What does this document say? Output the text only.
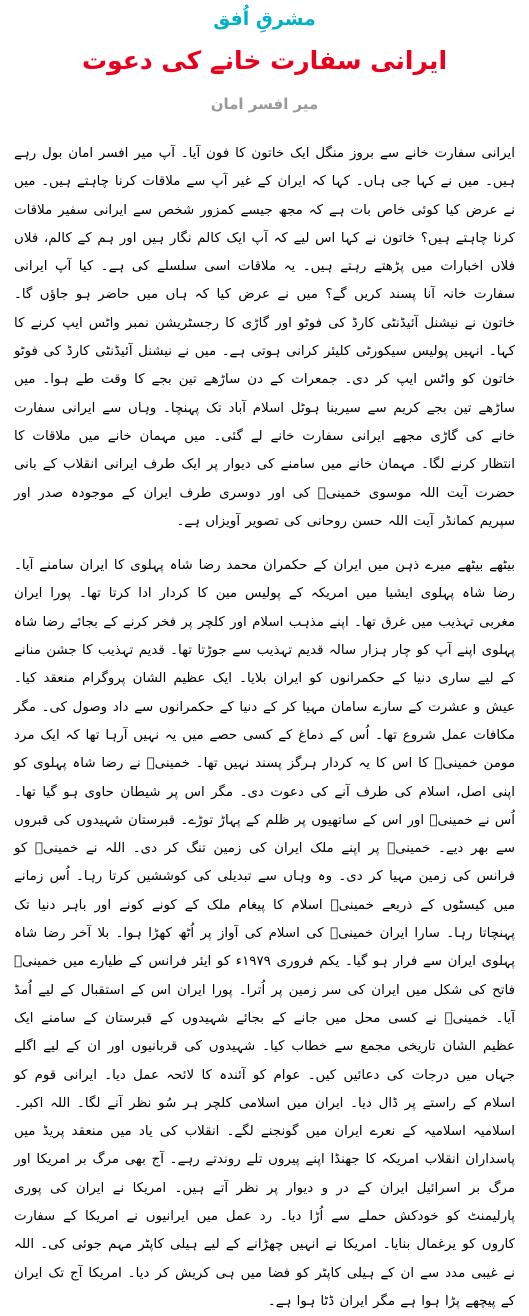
مشرقِ اُفق
ایرانی سفارت خانے کی دعوت
میر افسر امان

ایرانی سفارت خانے سے بروز منگل ایک خاتون کا فون آیا۔ آپ میر افسر امان بول رہے ہیں۔ میں نے کہا جی ہاں۔ کہا کہ ایران کے غیر آپ سے ملاقات کرنا چاہتے ہیں۔ میں نے عرض کیا کوئی خاص بات ہے کہ مجھ جیسے کمزور شخص سے ایرانی سفیر ملاقات کرنا چاہتے ہیں؟ خاتون نے کہا اس لیے کہ آپ ایک کالم نگار ہیں اور ہم کے کالم، فلاں فلاں اخبارات میں پڑھتے رہتے ہیں۔ یہ ملاقات اسی سلسلے کی ہے۔ کیا آپ ایرانی سفارت خانہ آنا پسند کریں گے؟ میں نے عرض کیا کہ ہاں میں حاضر ہو جاؤں گا۔ خاتون نے نیشنل آئیڈنٹی کارڈ کی فوٹو اور گاڑی کا رجسٹریشن نمبر واٹس ایپ کرنے کا کہا۔ انہیں پولیس سیکورٹی کلیئر کرانی ہوتی ہے۔ میں نے نیشنل آئیڈنٹی کارڈ کی فوٹو خاتون کو واٹس ایپ کر دی۔ جمعرات کے دن ساڑھے تین بجے کا وقت طے ہوا۔ میں ساڑھے تین بجے کریم سے سیرینا ہوٹل اسلام آباد تک پہنچا۔ وہاں سے ایرانی سفارت خانے کی گاڑی مجھے ایرانی سفارت خانے لے گئی۔ میں مہمان خانے میں ملاقات کا انتظار کرنے لگا۔ مہمان خانے میں سامنے کی دیوار پر ایک طرف ایرانی انقلاب کے بانی حضرت آیت اللہ موسوی خمینیؒ کی اور دوسری طرف ایران کے موجودہ صدر اور سپریم کمانڈر آیت اللہ حسن روحانی کی تصویر آویزاں ہے۔

بیٹھے بیٹھے میرے ذہن میں ایران کے حکمران محمد رضا شاہ پہلوی کا ایران سامنے آیا۔ رضا شاہ پہلوی ایشیا میں امریکہ کے پولیس مین کا کردار ادا کرتا تھا۔ پورا ایران مغربی تہذیب میں غرق تھا۔ اپنے مذہب اسلام اور کلچر پر فخر کرنے کے بجائے رضا شاہ پہلوی اپنے آپ کو چار ہزار سالہ قدیم تہذیب سے جوڑتا تھا۔ قدیم تہذیب کا جشن منانے کے لیے ساری دنیا کے حکمرانوں کو ایران بلایا۔ ایک عظیم الشان پروگرام منعقد کیا۔ عیش و عشرت کے سارے سامان مہیا کر کے دنیا کے حکمرانوں سے داد وصول کی۔ مگر مکافات عمل شروع تھا۔ اُس کے دماغ کے کسی حصے میں یہ نہیں آرہا تھا کہ ایک مرد مومن خمینیؒ کا اس کا یہ کردار ہرگز پسند نہیں تھا۔ خمینیؒ نے رضا شاہ پہلوی کو اپنی اصل، اسلام کی طرف آنے کی دعوت دی۔ مگر اس پر شیطان حاوی ہو گیا تھا۔ اُس نے خمینیؒ اور اس کے ساتھیوں پر ظلم کے پہاڑ توڑے۔ قبرستان شہیدوں کی قبروں سے بھر دیے۔ خمینیؒ پر اپنے ملک ایران کی زمین تنگ کر دی۔ اللہ نے خمینیؒ کو فرانس کی زمین مہیا کر دی۔ وہ وہاں سے تبدیلی کی کوششیں کرتا رہا۔ اُس زمانے میں کیسٹوں کے ذریعے خمینیؒ اسلام کا پیغام ملک کے کونے کونے اور باہر دنیا تک پہنچاتا رہا۔ سارا ایران خمینیؒ کی اسلام کی آواز پر اُٹھ کھڑا ہوا۔ بلا آخر رضا شاہ پہلوی ایران سے فرار ہو گیا۔ یکم فروری ۱۹۷۹ء کو ایئر فرانس کے طیارے میں خمینیؒ فاتح کی شکل میں ایران کی سر زمین پر اُترا۔ پورا ایران اس کے استقبال کے لیے اُمڈ آیا۔ خمینیؒ نے کسی محل میں جانے کے بجائے شہیدوں کے قبرستان کے سامنے ایک عظیم الشان تاریخی مجمع سے خطاب کیا۔ شہیدوں کی قربانیوں اور ان کے لیے اگلے جہاں میں درجات کی دعائیں کیں۔ عوام کو آئندہ کا لائحہ عمل دیا۔ ایرانی قوم کو اسلام کے راستے پر ڈال دیا۔ ایران میں اسلامی کلچر ہر سُو نظر آنے لگا۔ اللہ اکبر۔ اسلامیہ اسلامیہ کے نعرے ایران میں گونجنے لگے۔ انقلاب کی یاد میں منعقد پریڈ میں پاسداران انقلاب امریکہ کا جھنڈا اپنے پیروں تلے روندتے رہے۔ آج بھی مرگ بر امریکا اور مرگ بر اسرائیل ایران کے در و دیوار پر نظر آتے ہیں۔ امریکا نے ایران کی پوری پارلیمنٹ کو خودکش حملے سے اُڑا دیا۔ رد عمل میں ایرانیوں نے امریکا کے سفارت کاروں کو یرغمال بنایا۔ امریکا نے انہیں چھڑانے کے لیے ہیلی کاپٹر مہم جوئی کی۔ اللہ نے غیبی مدد سے ان کے ہیلی کاپٹر کو فضا میں ہی کریش کر دیا۔ امریکا آج تک ایران کے پیچھے پڑا ہوا ہے مگر ایران ڈٹا ہوا ہے۔
